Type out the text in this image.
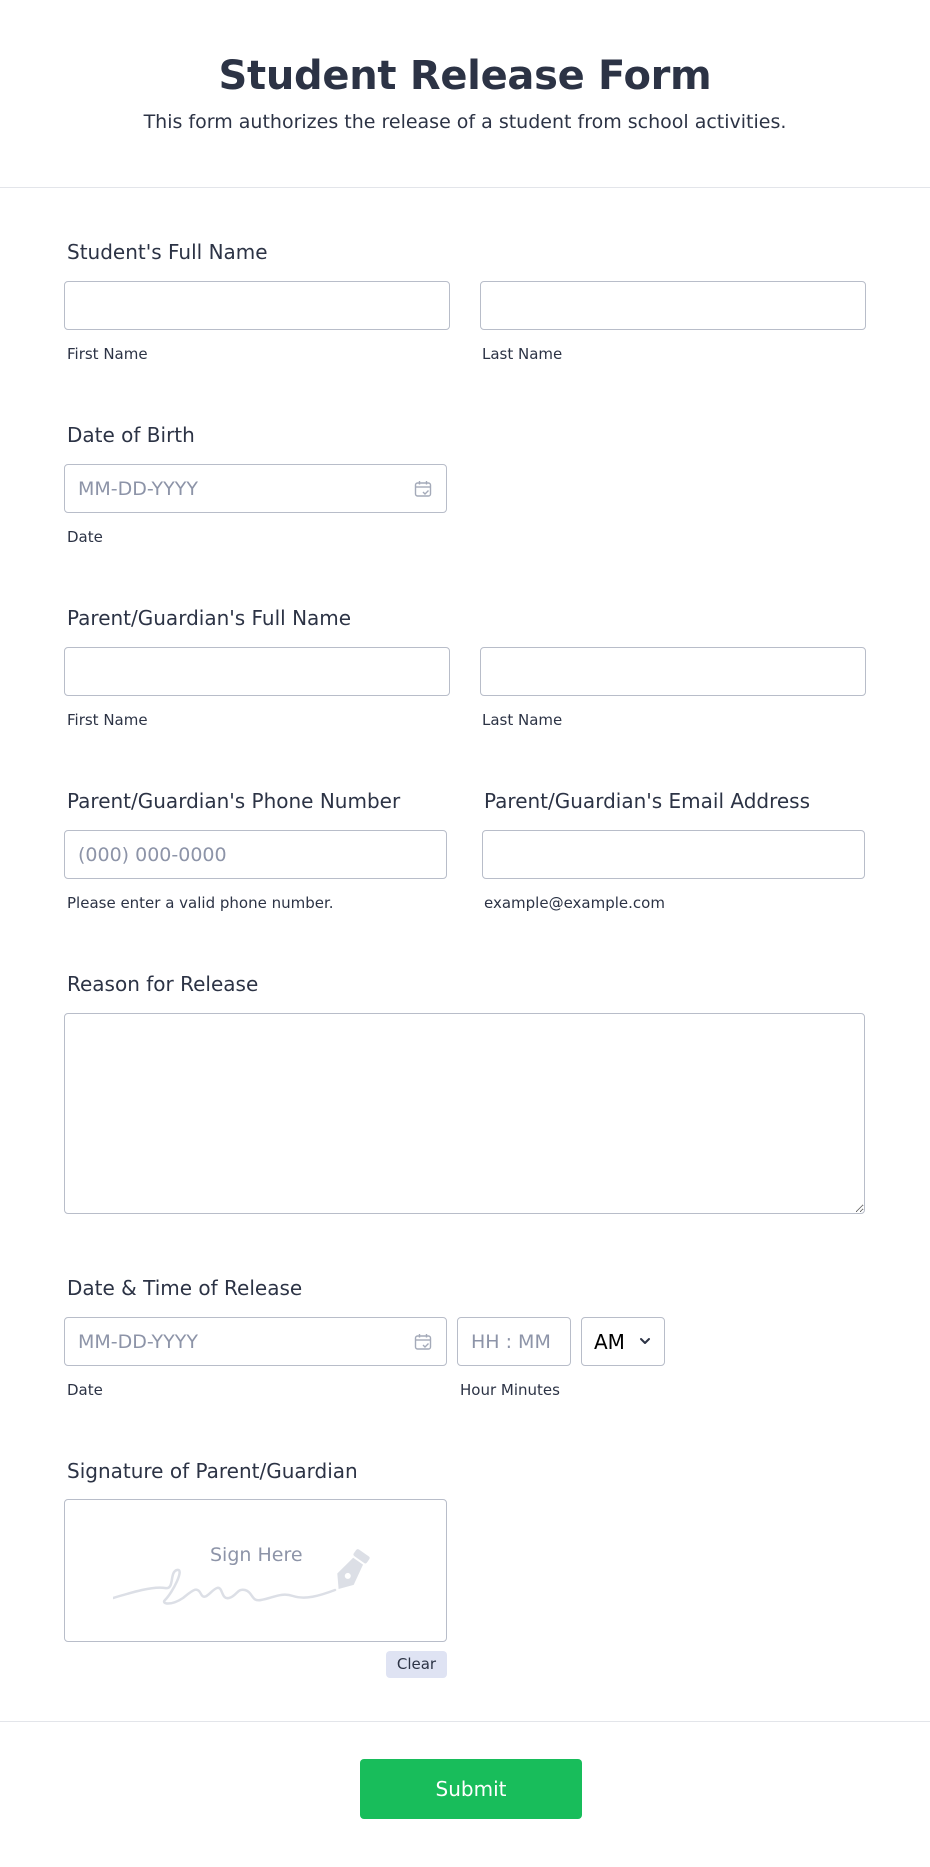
Student Release Form

This form authorizes the release of a student from school activities.

Student's Full Name
First Name	Last Name
Date of Birth
MM-DD-YYYY
Date
Parent/Guardian's Full Name
First Name	Last Name
Parent/Guardian's Phone Number
(000) 000-0000
Please enter a valid phone number.
Parent/Guardian's Email Address
example@example.com
Reason for Release
Date & Time of Release
MM-DD-YYYY
Date
HH : MM	Hour Minutes
AM
Signature of Parent/Guardian
Sign Here
Clear
Submit
